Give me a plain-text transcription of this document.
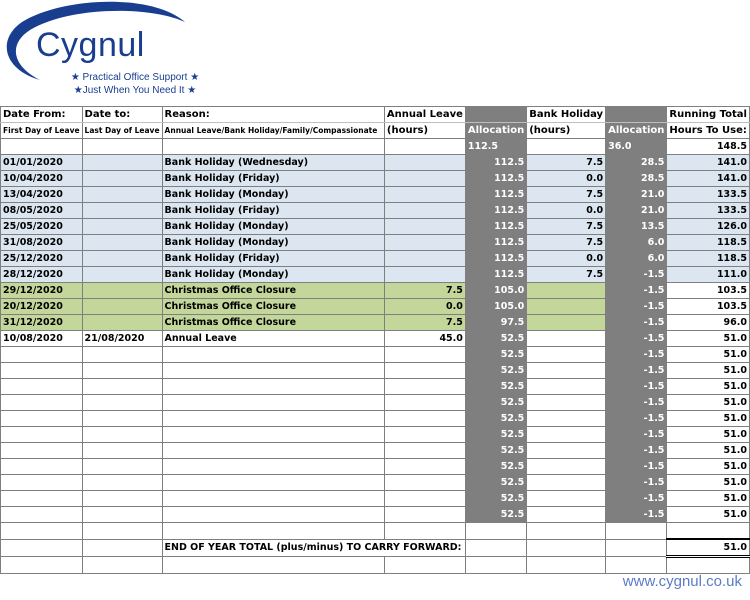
Cygnul
★ Practical Office Support ★
★Just When You Need It ★
Date From:	Date to:	Reason:	Annual Leave		Bank Holiday		Running Total
First Day of Leave	Last Day of Leave	Annual Leave/Bank Holiday/Family/Compassionate	(hours)	Allocation	(hours)	Allocation	Hours To Use:
				112.5		36.0	148.5
01/01/2020		Bank Holiday (Wednesday)		112.5	7.5	28.5	141.0
10/04/2020		Bank Holiday (Friday)		112.5	0.0	28.5	141.0
13/04/2020		Bank Holiday (Monday)		112.5	7.5	21.0	133.5
08/05/2020		Bank Holiday (Friday)		112.5	0.0	21.0	133.5
25/05/2020		Bank Holiday (Monday)		112.5	7.5	13.5	126.0
31/08/2020		Bank Holiday (Monday)		112.5	7.5	6.0	118.5
25/12/2020		Bank Holiday (Friday)		112.5	0.0	6.0	118.5
28/12/2020		Bank Holiday (Monday)		112.5	7.5	-1.5	111.0
29/12/2020		Christmas Office Closure	7.5	105.0		-1.5	103.5
20/12/2020		Christmas Office Closure	0.0	105.0		-1.5	103.5
31/12/2020		Christmas Office Closure	7.5	97.5		-1.5	96.0
10/08/2020	21/08/2020	Annual Leave	45.0	52.5		-1.5	51.0
				52.5		-1.5	51.0
				52.5		-1.5	51.0
				52.5		-1.5	51.0
				52.5		-1.5	51.0
				52.5		-1.5	51.0
				52.5		-1.5	51.0
				52.5		-1.5	51.0
				52.5		-1.5	51.0
				52.5		-1.5	51.0
				52.5		-1.5	51.0
				52.5		-1.5	51.0

		END OF YEAR TOTAL (plus/minus) TO CARRY FORWARD:					51.0

www.cygnul.co.uk
